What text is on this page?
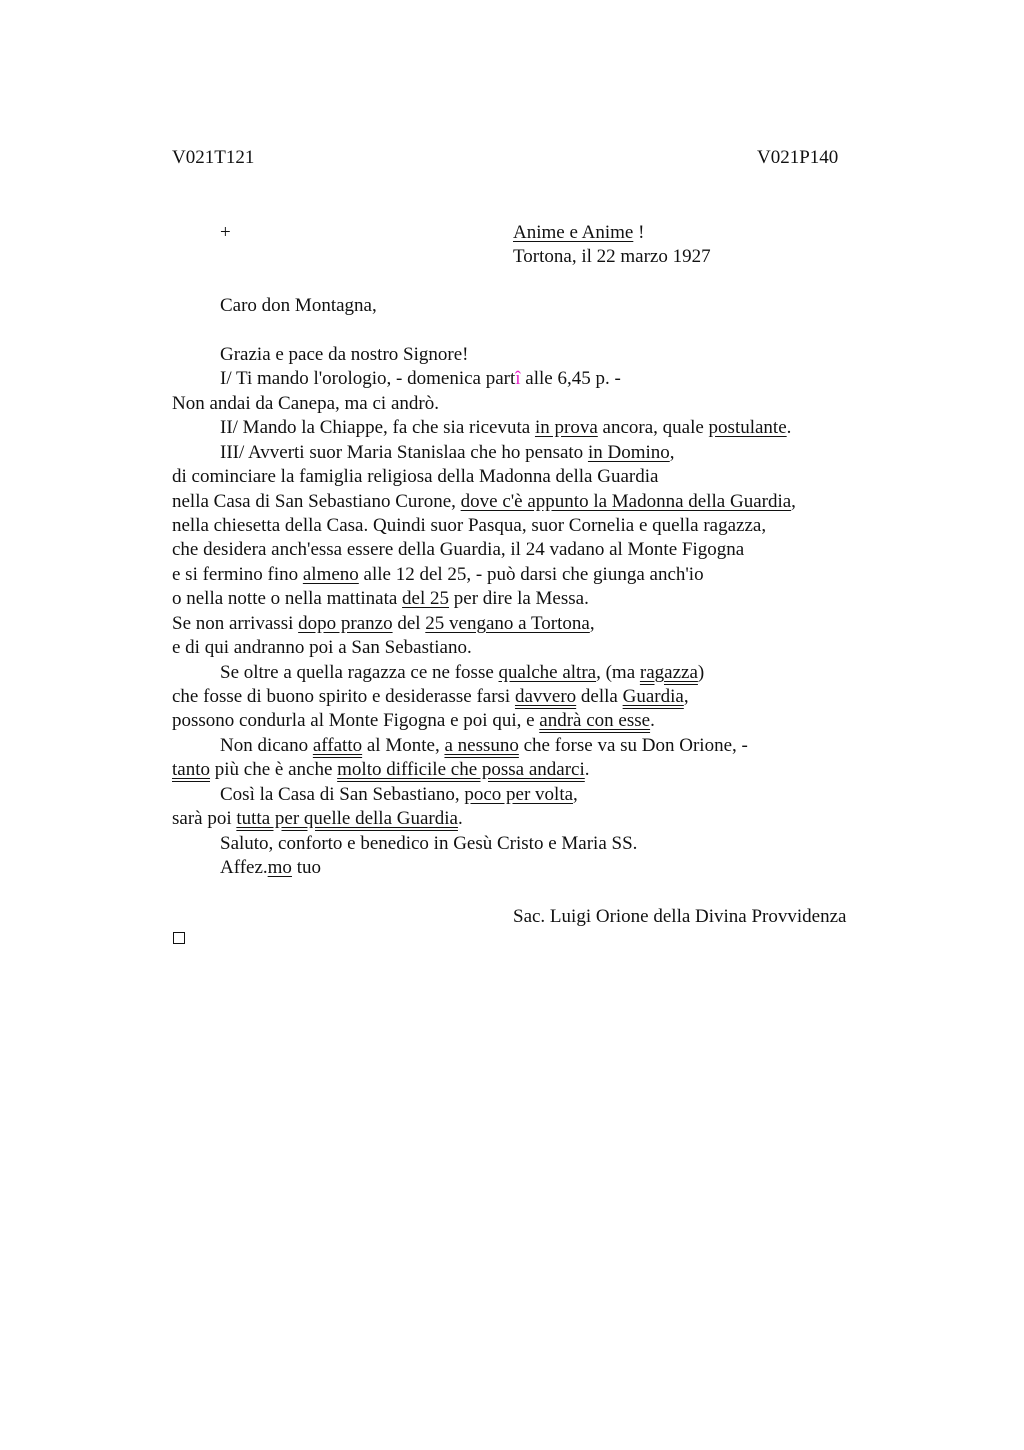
V021T121	V021P140
+	Anime e Anime !
Tortona, il 22 marzo 1927
Caro don Montagna,
Grazia e pace da nostro Signore!
I/ Ti mando l'orologio, - domenica partî alle 6,45 p. -
Non andai da Canepa, ma ci andrò.
II/ Mando la Chiappe, fa che sia ricevuta in prova ancora, quale postulante.
III/ Avverti suor Maria Stanislaa che ho pensato in Domino,
di cominciare la famiglia religiosa della Madonna della Guardia
nella Casa di San Sebastiano Curone, dove c'è appunto la Madonna della Guardia,
nella chiesetta della Casa. Quindi suor Pasqua, suor Cornelia e quella ragazza,
che desidera anch'essa essere della Guardia, il 24 vadano al Monte Figogna
e si fermino fino almeno alle 12 del 25, - può darsi che giunga anch'io
o nella notte o nella mattinata del 25 per dire la Messa.
Se non arrivassi dopo pranzo del 25 vengano a Tortona,
e di qui andranno poi a San Sebastiano.
Se oltre a quella ragazza ce ne fosse qualche altra, (ma ragazza)
che fosse di buono spirito e desiderasse farsi davvero della Guardia,
possono condurla al Monte Figogna e poi qui, e andrà con esse.
Non dicano affatto al Monte, a nessuno che forse va su Don Orione, -
tanto più che è anche molto difficile che possa andarci.
Così la Casa di San Sebastiano, poco per volta,
sarà poi tutta per quelle della Guardia.
Saluto, conforto e benedico in Gesù Cristo e Maria SS.
Affez.mo tuo
Sac. Luigi Orione della Divina Provvidenza
